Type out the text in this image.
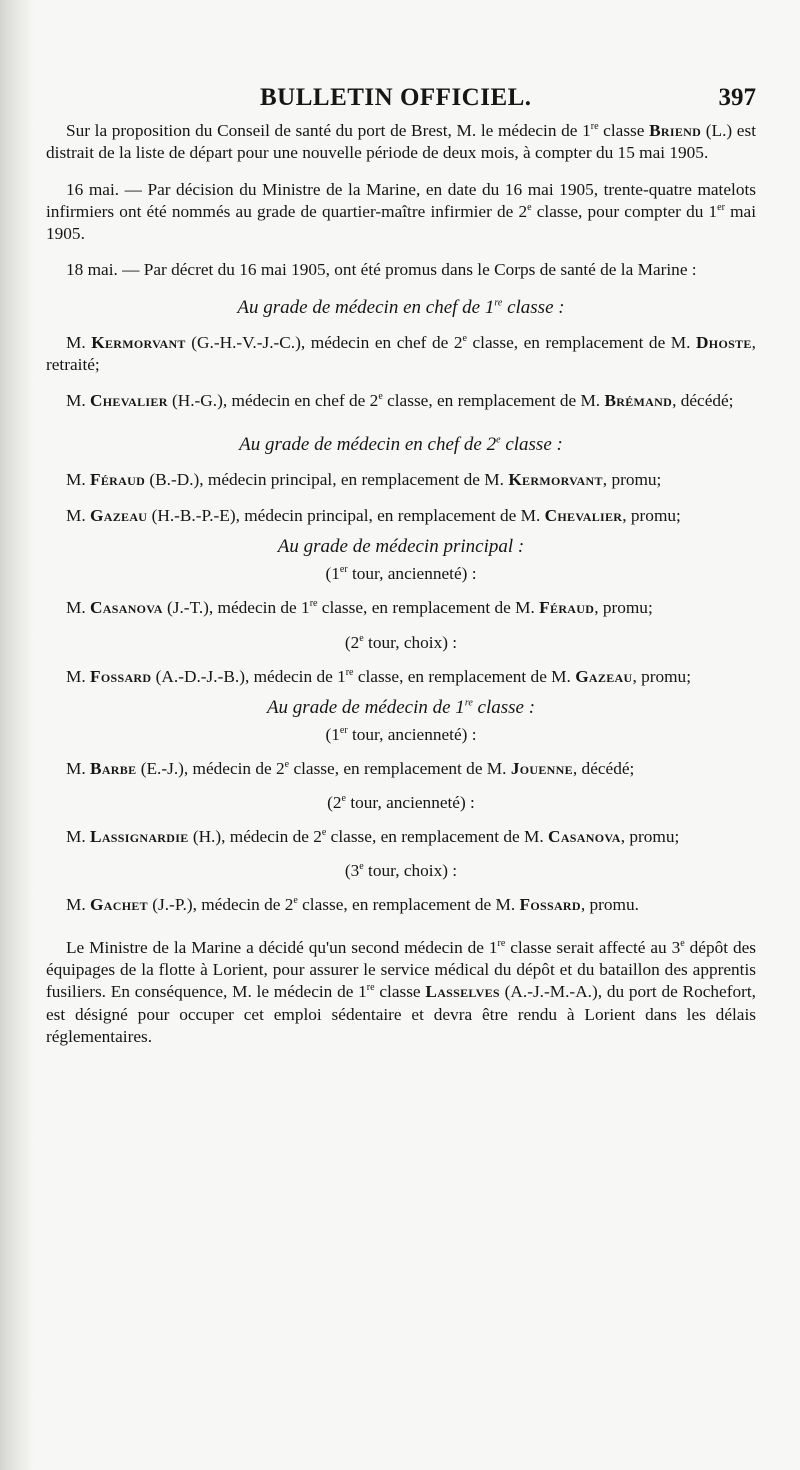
BULLETIN OFFICIEL.	397

Sur la proposition du Conseil de santé du port de Brest, M. le médecin de 1re classe Briend (L.) est distrait de la liste de départ pour une nouvelle période de deux mois, à compter du 15 mai 1905.

16 mai. — Par décision du Ministre de la Marine, en date du 16 mai 1905, trente-quatre matelots infirmiers ont été nommés au grade de quartier-maître infirmier de 2e classe, pour compter du 1er mai 1905.

18 mai. — Par décret du 16 mai 1905, ont été promus dans le Corps de santé de la Marine :

Au grade de médecin en chef de 1re classe :

M. Kermorvant (G.-H.-V.-J.-C.), médecin en chef de 2e classe, en remplacement de M. Dhoste, retraité;

M. Chevalier (H.-G.), médecin en chef de 2e classe, en remplacement de M. Brémand, décédé;

Au grade de médecin en chef de 2e classe :

M. Féraud (B.-D.), médecin principal, en remplacement de M. Kermorvant, promu;

M. Gazeau (H.-B.-P.-E), médecin principal, en remplacement de M. Chevalier, promu;

Au grade de médecin principal :
(1er tour, ancienneté) :

M. Casanova (J.-T.), médecin de 1re classe, en remplacement de M. Féraud, promu;

(2e tour, choix) :

M. Fossard (A.-D.-J.-B.), médecin de 1re classe, en remplacement de M. Gazeau, promu;

Au grade de médecin de 1re classe :
(1er tour, ancienneté) :

M. Barbe (E.-J.), médecin de 2e classe, en remplacement de M. Jouenne, décédé;

(2e tour, ancienneté) :

M. Lassignardie (H.), médecin de 2e classe, en remplacement de M. Casanova, promu;

(3e tour, choix) :

M. Gachet (J.-P.), médecin de 2e classe, en remplacement de M. Fossard, promu.

Le Ministre de la Marine a décidé qu'un second médecin de 1re classe serait affecté au 3e dépôt des équipages de la flotte à Lorient, pour assurer le service médical du dépôt et du bataillon des apprentis fusiliers. En conséquence, M. le médecin de 1re classe Lasselves (A.-J.-M.-A.), du port de Rochefort, est désigné pour occuper cet emploi sédentaire et devra être rendu à Lorient dans les délais réglementaires.
